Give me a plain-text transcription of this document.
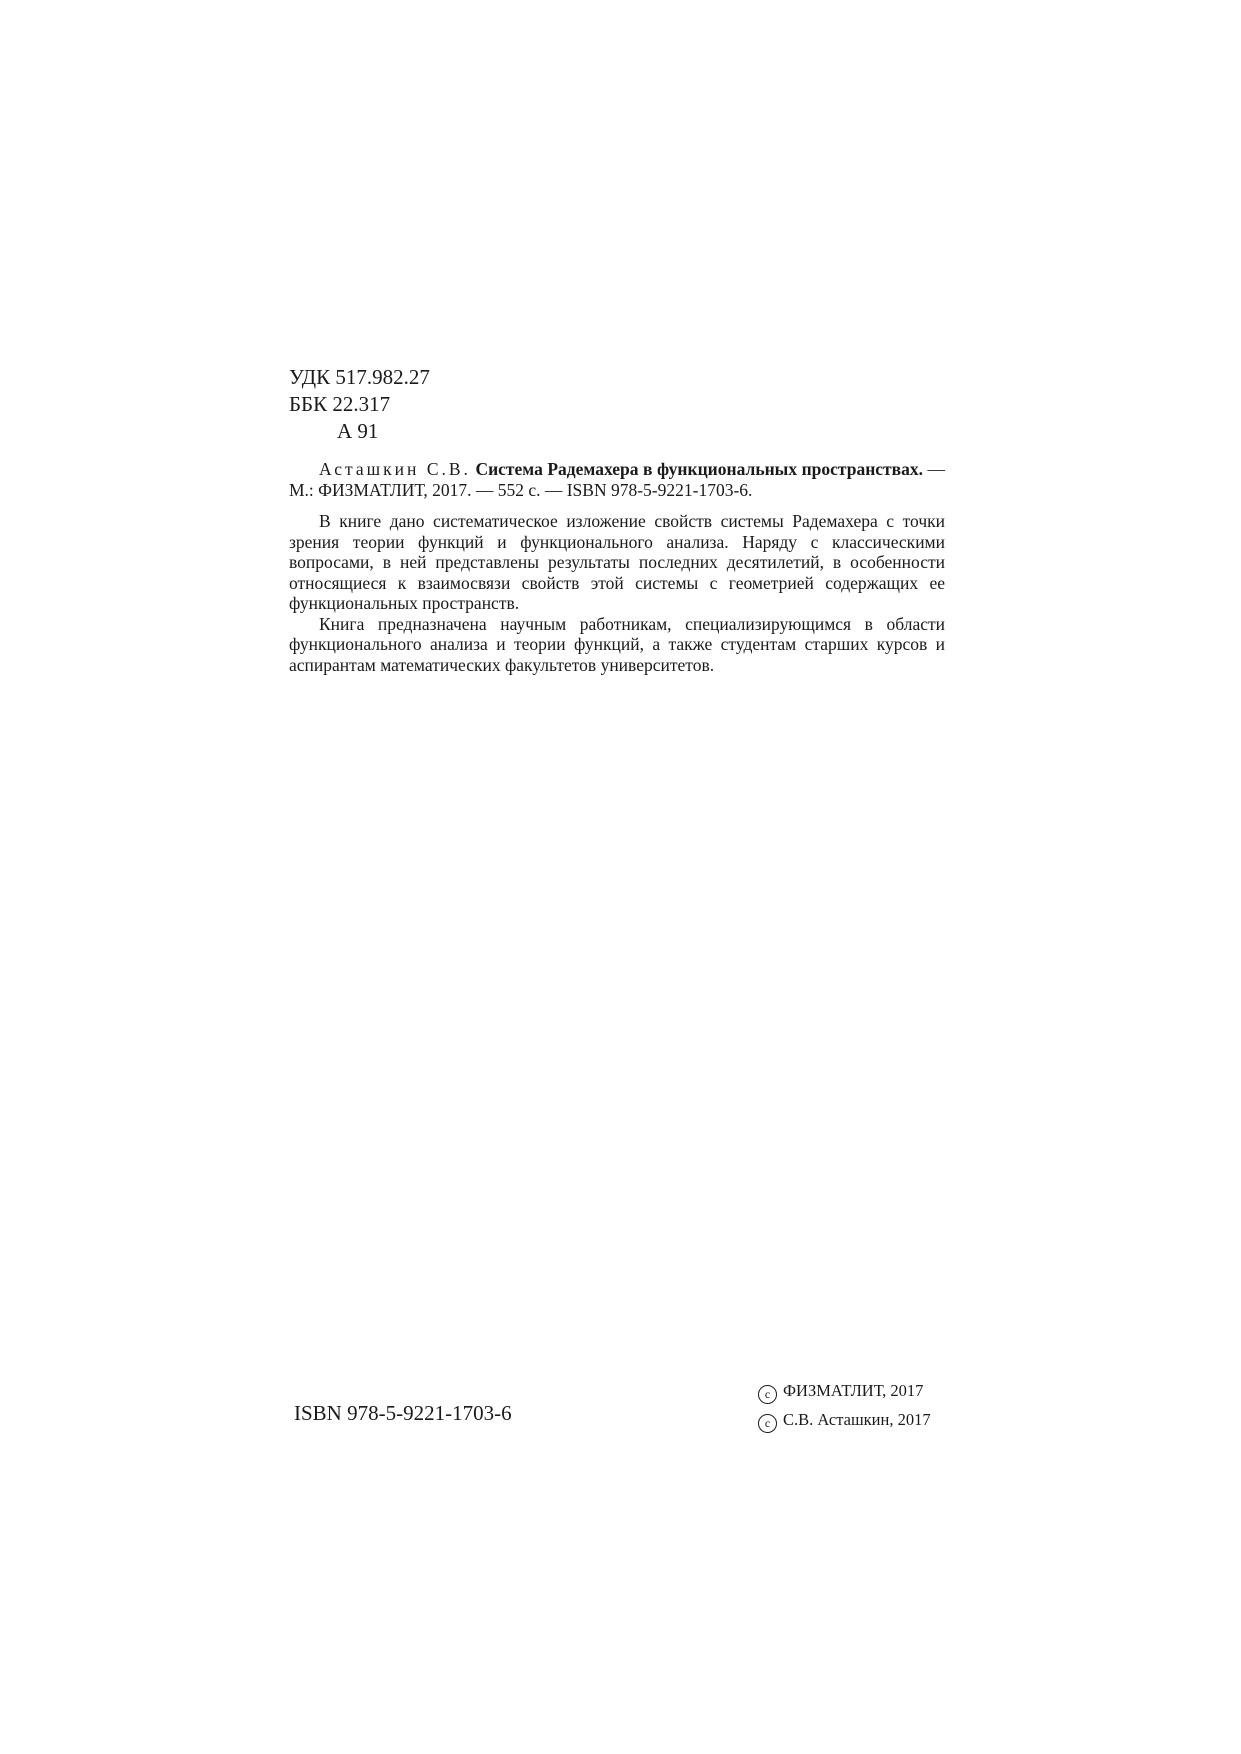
УДК 517.982.27
ББК 22.317
А 91

Асташкин С.В. Система Радемахера в функциональных пространствах. — М.: ФИЗМАТЛИТ, 2017. — 552 с. — ISBN 978-5-9221-1703-6.

В книге дано систематическое изложение свойств системы Радемахера с точки зрения теории функций и функционального анализа. Наряду с классическими вопросами, в ней представлены результаты последних десятилетий, в особенности относящиеся к взаимосвязи свойств этой системы с геометрией содержащих ее функциональных пространств.

Книга предназначена научным работникам, специализирующимся в области функционального анализа и теории функций, а также студентам старших курсов и аспирантам математических факультетов университетов.

ISBN 978-5-9221-1703-6
c ФИЗМАТЛИТ, 2017
c С.В. Асташкин, 2017
